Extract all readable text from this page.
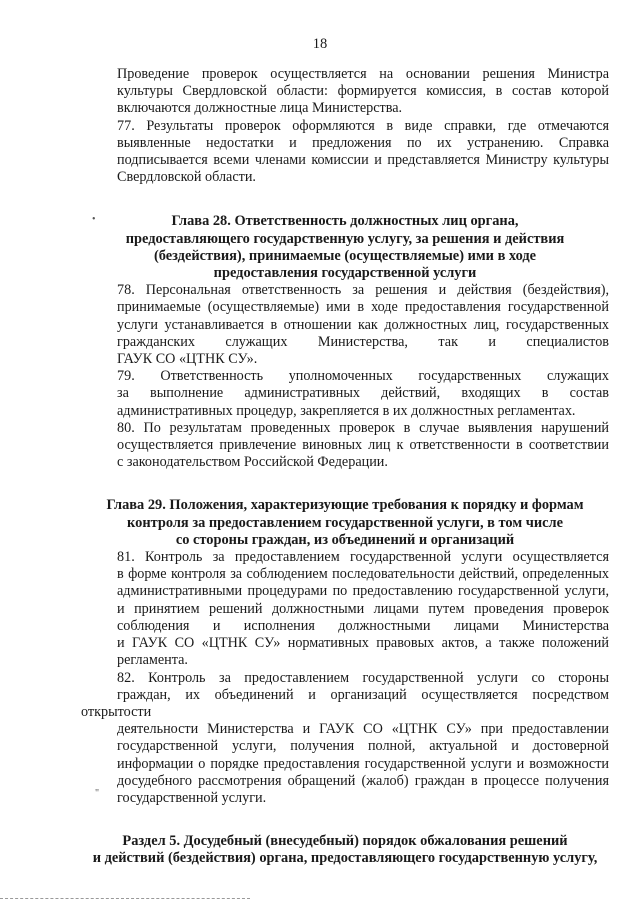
18
•
"

Проведение проверок осуществляется на основании решения Министра
культуры Свердловской области: формируется комиссия, в состав которой
включаются должностные лица Министерства.

77. Результаты проверок оформляются в виде справки, где отмечаются
выявленные недостатки и предложения по их устранению. Справка
подписывается всеми членами комиссии и представляется Министру культуры
Свердловской области.

Глава 28. Ответственность должностных лиц органа,
предоставляющего государственную услугу, за решения и действия
(бездействия), принимаемые (осуществляемые) ими в ходе
предоставления государственной услуги

78. Персональная ответственность за решения и действия (бездействия),
принимаемые (осуществляемые) ими в ходе предоставления государственной
услуги устанавливается в отношении как должностных лиц, государственных
гражданских служащих Министерства, так и специалистов
ГАУК СО «ЦТНК СУ».

79. Ответственность уполномоченных государственных служащих
за выполнение административных действий, входящих в состав
административных процедур, закрепляется в их должностных регламентах.

80. По результатам проведенных проверок в случае выявления нарушений
осуществляется привлечение виновных лиц к ответственности в соответствии
с законодательством Российской Федерации.

Глава 29. Положения, характеризующие требования к порядку и формам
контроля за предоставлением государственной услуги, в том числе
со стороны граждан, из объединений и организаций

81. Контроль за предоставлением государственной услуги осуществляется
в форме контроля за соблюдением последовательности действий, определенных
административными процедурами по предоставлению государственной услуги,
и принятием решений должностными лицами путем проведения проверок
соблюдения и исполнения должностными лицами Министерства
и ГАУК СО «ЦТНК СУ» нормативных правовых актов, а также положений
регламента.

82. Контроль за предоставлением государственной услуги со стороны
граждан, их объединений и организаций осуществляется посредством открытости
деятельности Министерства и ГАУК СО «ЦТНК СУ» при предоставлении
государственной услуги, получения полной, актуальной и достоверной
информации о порядке предоставления государственной услуги и возможности
досудебного рассмотрения обращений (жалоб) граждан в процессе получения
государственной услуги.

Раздел 5. Досудебный (внесудебный) порядок обжалования решений
и действий (бездействия) органа, предоставляющего государственную услугу,
